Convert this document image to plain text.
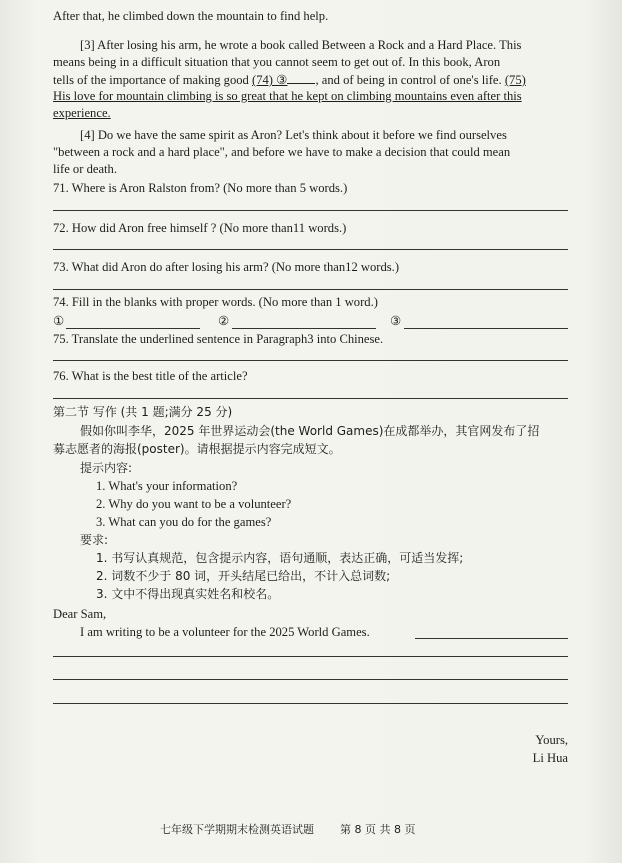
After that, he climbed down the mountain to find help.
[3] After losing his arm, he wrote a book called Between a Rock and a Hard Place. This
means being in a difficult situation that you cannot seem to get out of. In this book, Aron
tells of the importance of making good (74) ③ , and of being in control of one's life. (75)
His love for mountain climbing is so great that he kept on climbing mountains even after this
experience.
[4] Do we have the same spirit as Aron? Let's think about it before we find ourselves
"between a rock and a hard place", and before we have to make a decision that could mean
life or death.
71. Where is Aron Ralston from? (No more than 5 words.)
72. How did Aron free himself ? (No more than11 words.)
73. What did Aron do after losing his arm? (No more than12 words.)
74. Fill in the blanks with proper words. (No more than 1 word.)
①	②	③
75. Translate the underlined sentence in Paragraph3 into Chinese.
76. What is the best title of the article?
第二节 写作 (共 1 题;满分 25 分)
假如你叫李华，2025 年世界运动会(the World Games)在成都举办，其官网发布了招
募志愿者的海报(poster)。请根据提示内容完成短文。
提示内容:
1. What's your information?
2. Why do you want to be a volunteer?
3. What can you do for the games?
要求:
1. 书写认真规范，包含提示内容，语句通顺，表达正确，可适当发挥;
2. 词数不少于 80 词，开头结尾已给出，不计入总词数;
3. 文中不得出现真实姓名和校名。
Dear Sam,
I am writing to be a volunteer for the 2025 World Games.
Yours,
Li Hua
七年级下学期期末检测英语试题 第 8 页 共 8 页
